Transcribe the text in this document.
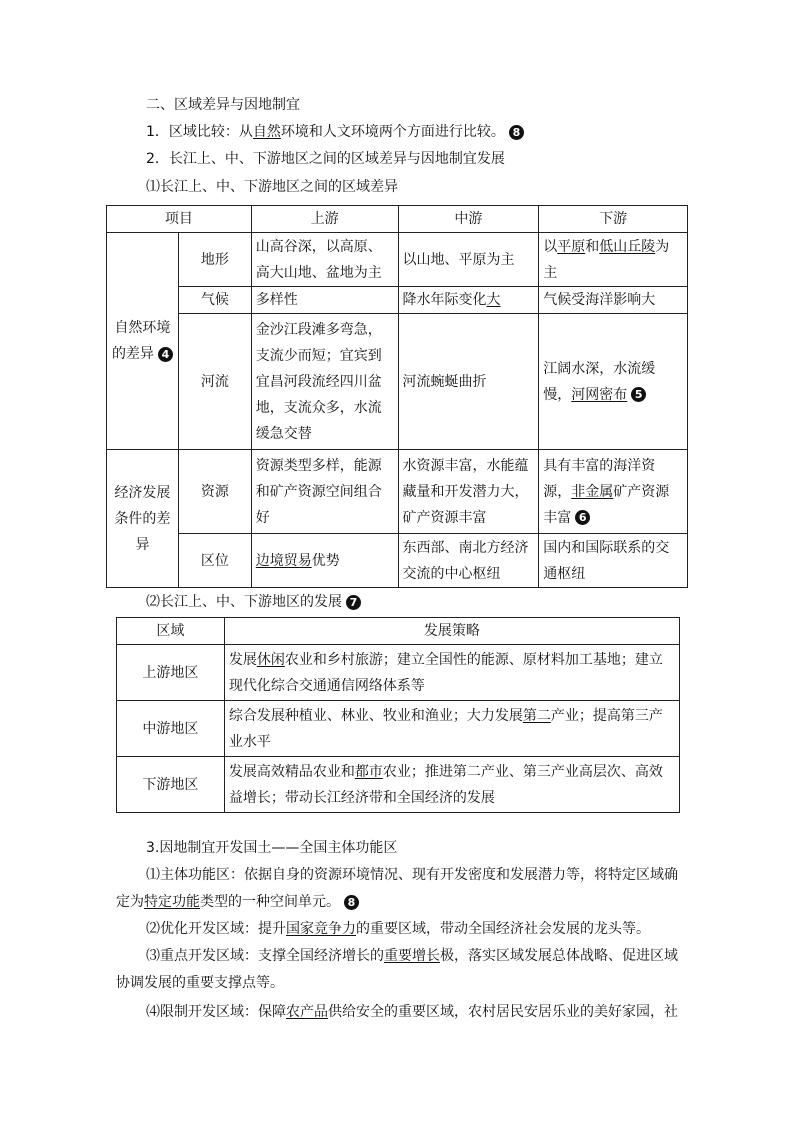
二、区域差异与因地制宜
1．区域比较：从自然环境和人文环境两个方面进行比较。 8
2．长江上、中、下游地区之间的区域差异与因地制宜发展
⑴长江上、中、下游地区之间的区域差异
项目		上游	中游	下游
自然环境的差异 4	地形	山高谷深，以高原、高大山地、盆地为主	以山地、平原为主	以平原和低山丘陵为主
	气候	多样性	降水年际变化大	气候受海洋影响大
	河流	金沙江段滩多弯急，支流少而短；宜宾到宜昌河段流经四川盆地，支流众多，水流缓急交替	河流蜿蜒曲折	江阔水深，水流缓慢，河网密布 5
经济发展条件的差异	资源	资源类型多样，能源和矿产资源空间组合好	水资源丰富，水能蕴藏量和开发潜力大，矿产资源丰富	具有丰富的海洋资源，非金属矿产资源丰富 6
	区位	边境贸易优势	东西部、南北方经济交流的中心枢纽	国内和国际联系的交通枢纽
⑵长江上、中、下游地区的发展 7
区域	发展策略
上游地区	发展休闲农业和乡村旅游；建立全国性的能源、原材料加工基地；建立现代化综合交通通信网络体系等
中游地区	综合发展种植业、林业、牧业和渔业；大力发展第二产业；提高第三产业水平
下游地区	发展高效精品农业和都市农业；推进第二产业、第三产业高层次、高效益增长；带动长江经济带和全国经济的发展
3.因地制宜开发国土——全国主体功能区
⑴主体功能区：依据自身的资源环境情况、现有开发密度和发展潜力等，将特定区域确
定为特定功能类型的一种空间单元。 8
⑵优化开发区域：提升国家竞争力的重要区域，带动全国经济社会发展的龙头等。
⑶重点开发区域：支撑全国经济增长的重要增长极，落实区域发展总体战略、促进区域
协调发展的重要支撑点等。
⑷限制开发区域：保障农产品供给安全的重要区域，农村居民安居乐业的美好家园，社
